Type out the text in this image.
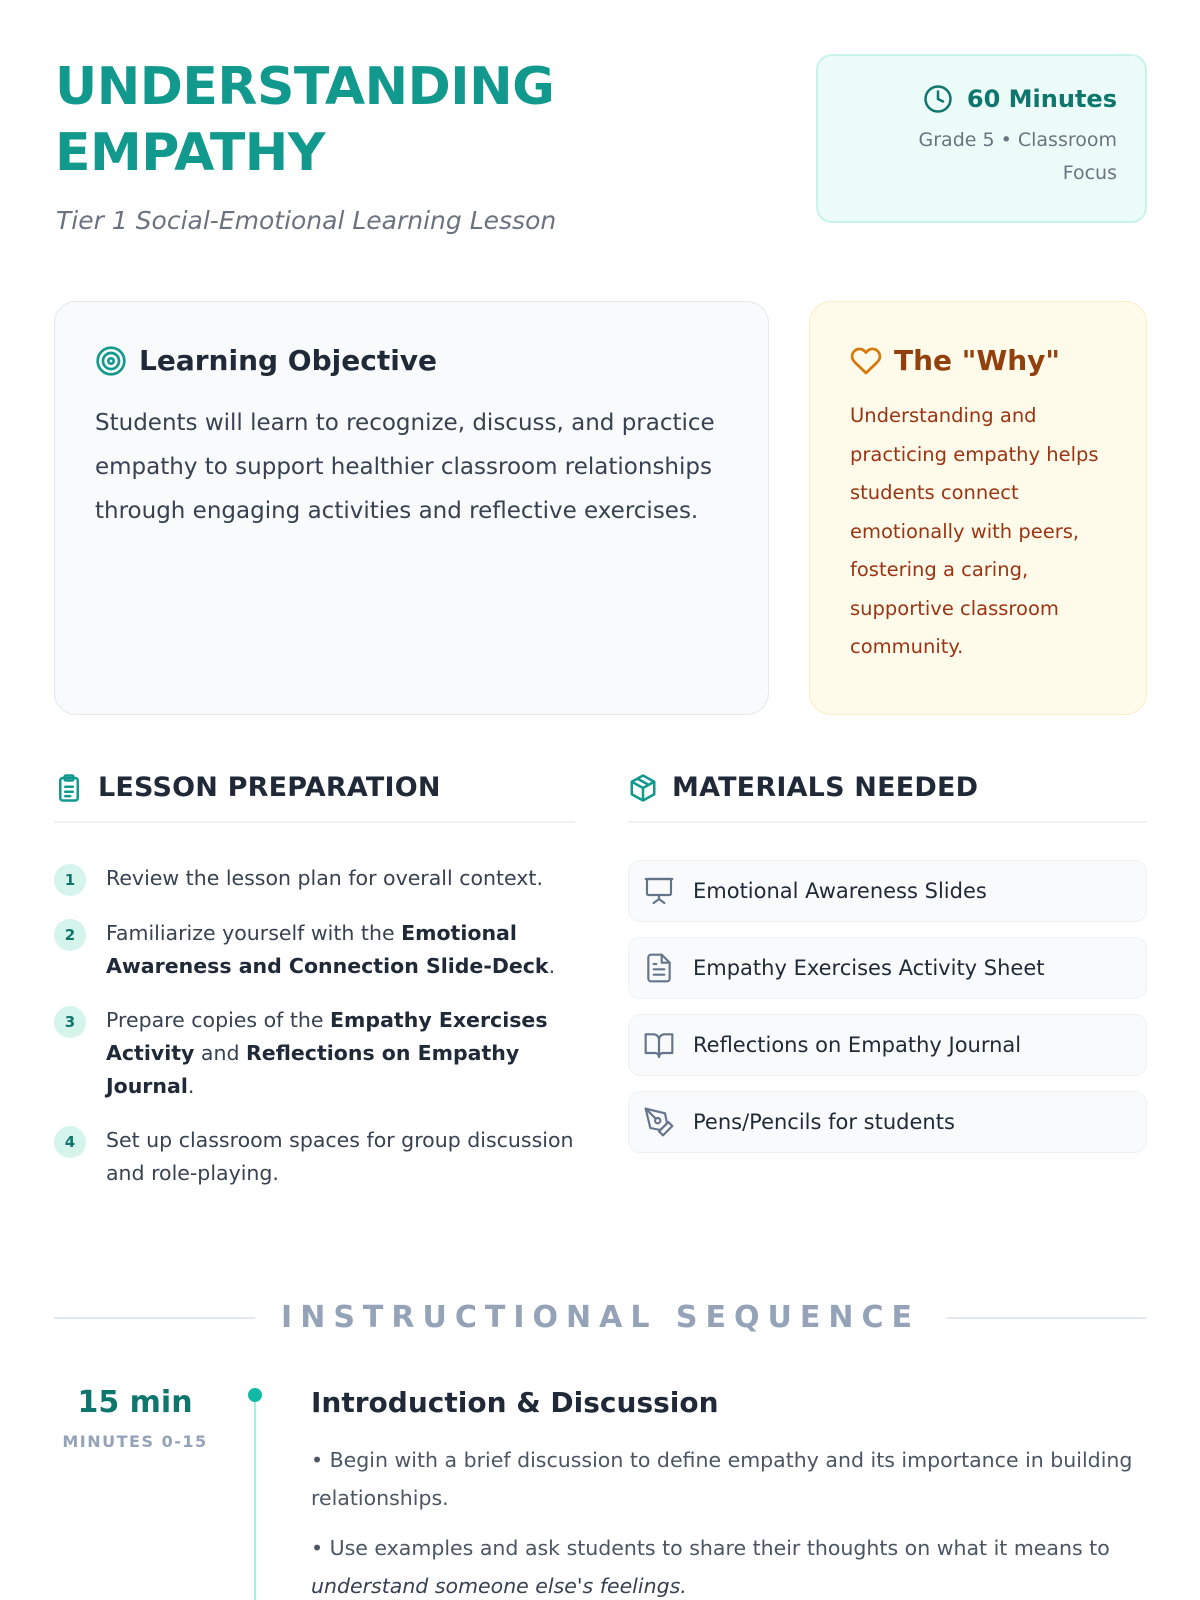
UNDERSTANDING
EMPATHY
Tier 1 Social-Emotional Learning Lesson
60 Minutes
Grade 5 • Classroom Focus
Learning Objective

Students will learn to recognize, discuss, and practice empathy to support healthier classroom relationships through engaging activities and reflective exercises.

The "Why"

Understanding and practicing empathy helps students connect emotionally with peers, fostering a caring, supportive classroom community.

LESSON PREPARATION
1	Review the lesson plan for overall context.
2	Familiarize yourself with the Emotional Awareness and Connection Slide-Deck.
3	Prepare copies of the Empathy Exercises Activity and Reflections on Empathy Journal.
4	Set up classroom spaces for group discussion and role-playing.
MATERIALS NEEDED
Emotional Awareness Slides
Empathy Exercises Activity Sheet
Reflections on Empathy Journal
Pens/Pencils for students
INSTRUCTIONAL SEQUENCE
15 min
MINUTES 0-15
Introduction & Discussion

• Begin with a brief discussion to define empathy and its importance in building relationships.

• Use examples and ask students to share their thoughts on what it means to understand someone else's feelings.
